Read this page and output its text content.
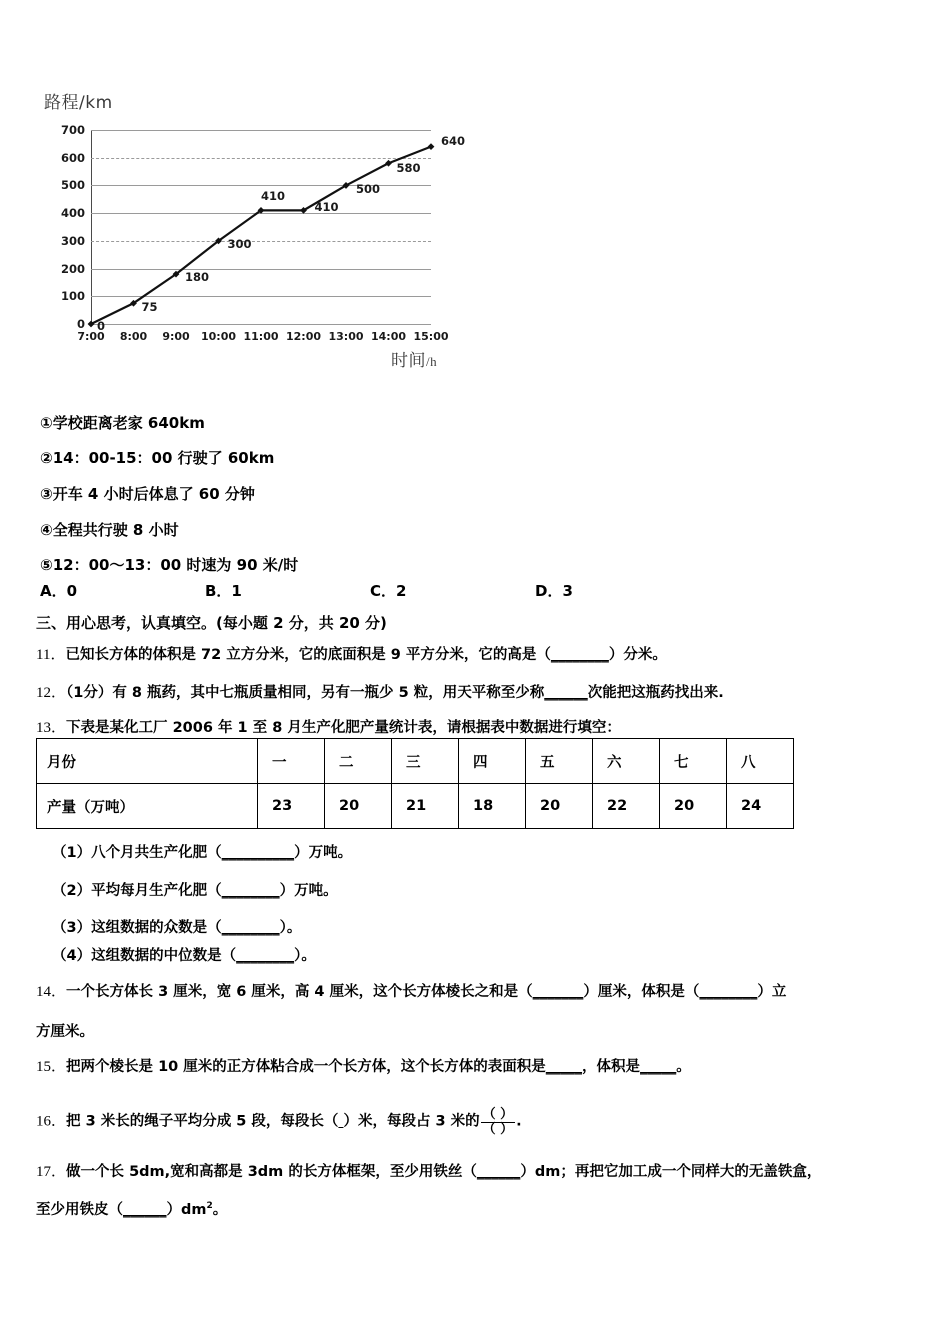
路程/km
时间/h
0
100
200
300
400
500
600
700
7:00 8:00 9:00 10:00 11:00 12:00 13:00 14:00 15:00
0
75
180
300
410
410
500
580
640
①学校距离老家 640km
②14：00‐15：00 行驶了 60km
③开车 4 小时后体息了 60 分钟
④全程共行驶 8 小时
⑤12：00～13：00 时速为 90 米/时
A．0	B．1	C．2	D．3
三、用心思考，认真填空。(每小题 2 分，共 20 分)
11．已知长方体的体积是 72 立方分米，它的底面积是 9 平方分米，它的高是（________）分米。
12．（1分）有 8 瓶药，其中七瓶质量相同，另有一瓶少 5 粒，用天平称至少称______次能把这瓶药找出来.
13．下表是某化工厂 2006 年 1 至 8 月生产化肥产量统计表，请根据表中数据进行填空：
月份	一	二	三	四	五	六	七	八
产量（万吨）	23	20	21	18	20	22	20	24
（1）八个月共生产化肥（__________）万吨。
（2）平均每月生产化肥（________）万吨。
（3）这组数据的众数是（________）。
（4）这组数据的中位数是（________）。
14．一个长方体长 3 厘米，宽 6 厘米，高 4 厘米，这个长方体棱长之和是（_______）厘米，体积是（________）立
方厘米。
15．把两个棱长是 10 厘米的正方体粘合成一个长方体，这个长方体的表面积是_____，体积是_____。
16．把 3 米长的绳子平均分成 5 段，每段长（ ）米，每段占 3 米的 $\frac{( )}{( )}$ .
17．做一个长 5dm,宽和高都是 3dm 的长方体框架，至少用铁丝（______）dm；再把它加工成一个同样大的无盖铁盒，
至少用铁皮$(\_\_\_\_\_\_)dm^2$。
